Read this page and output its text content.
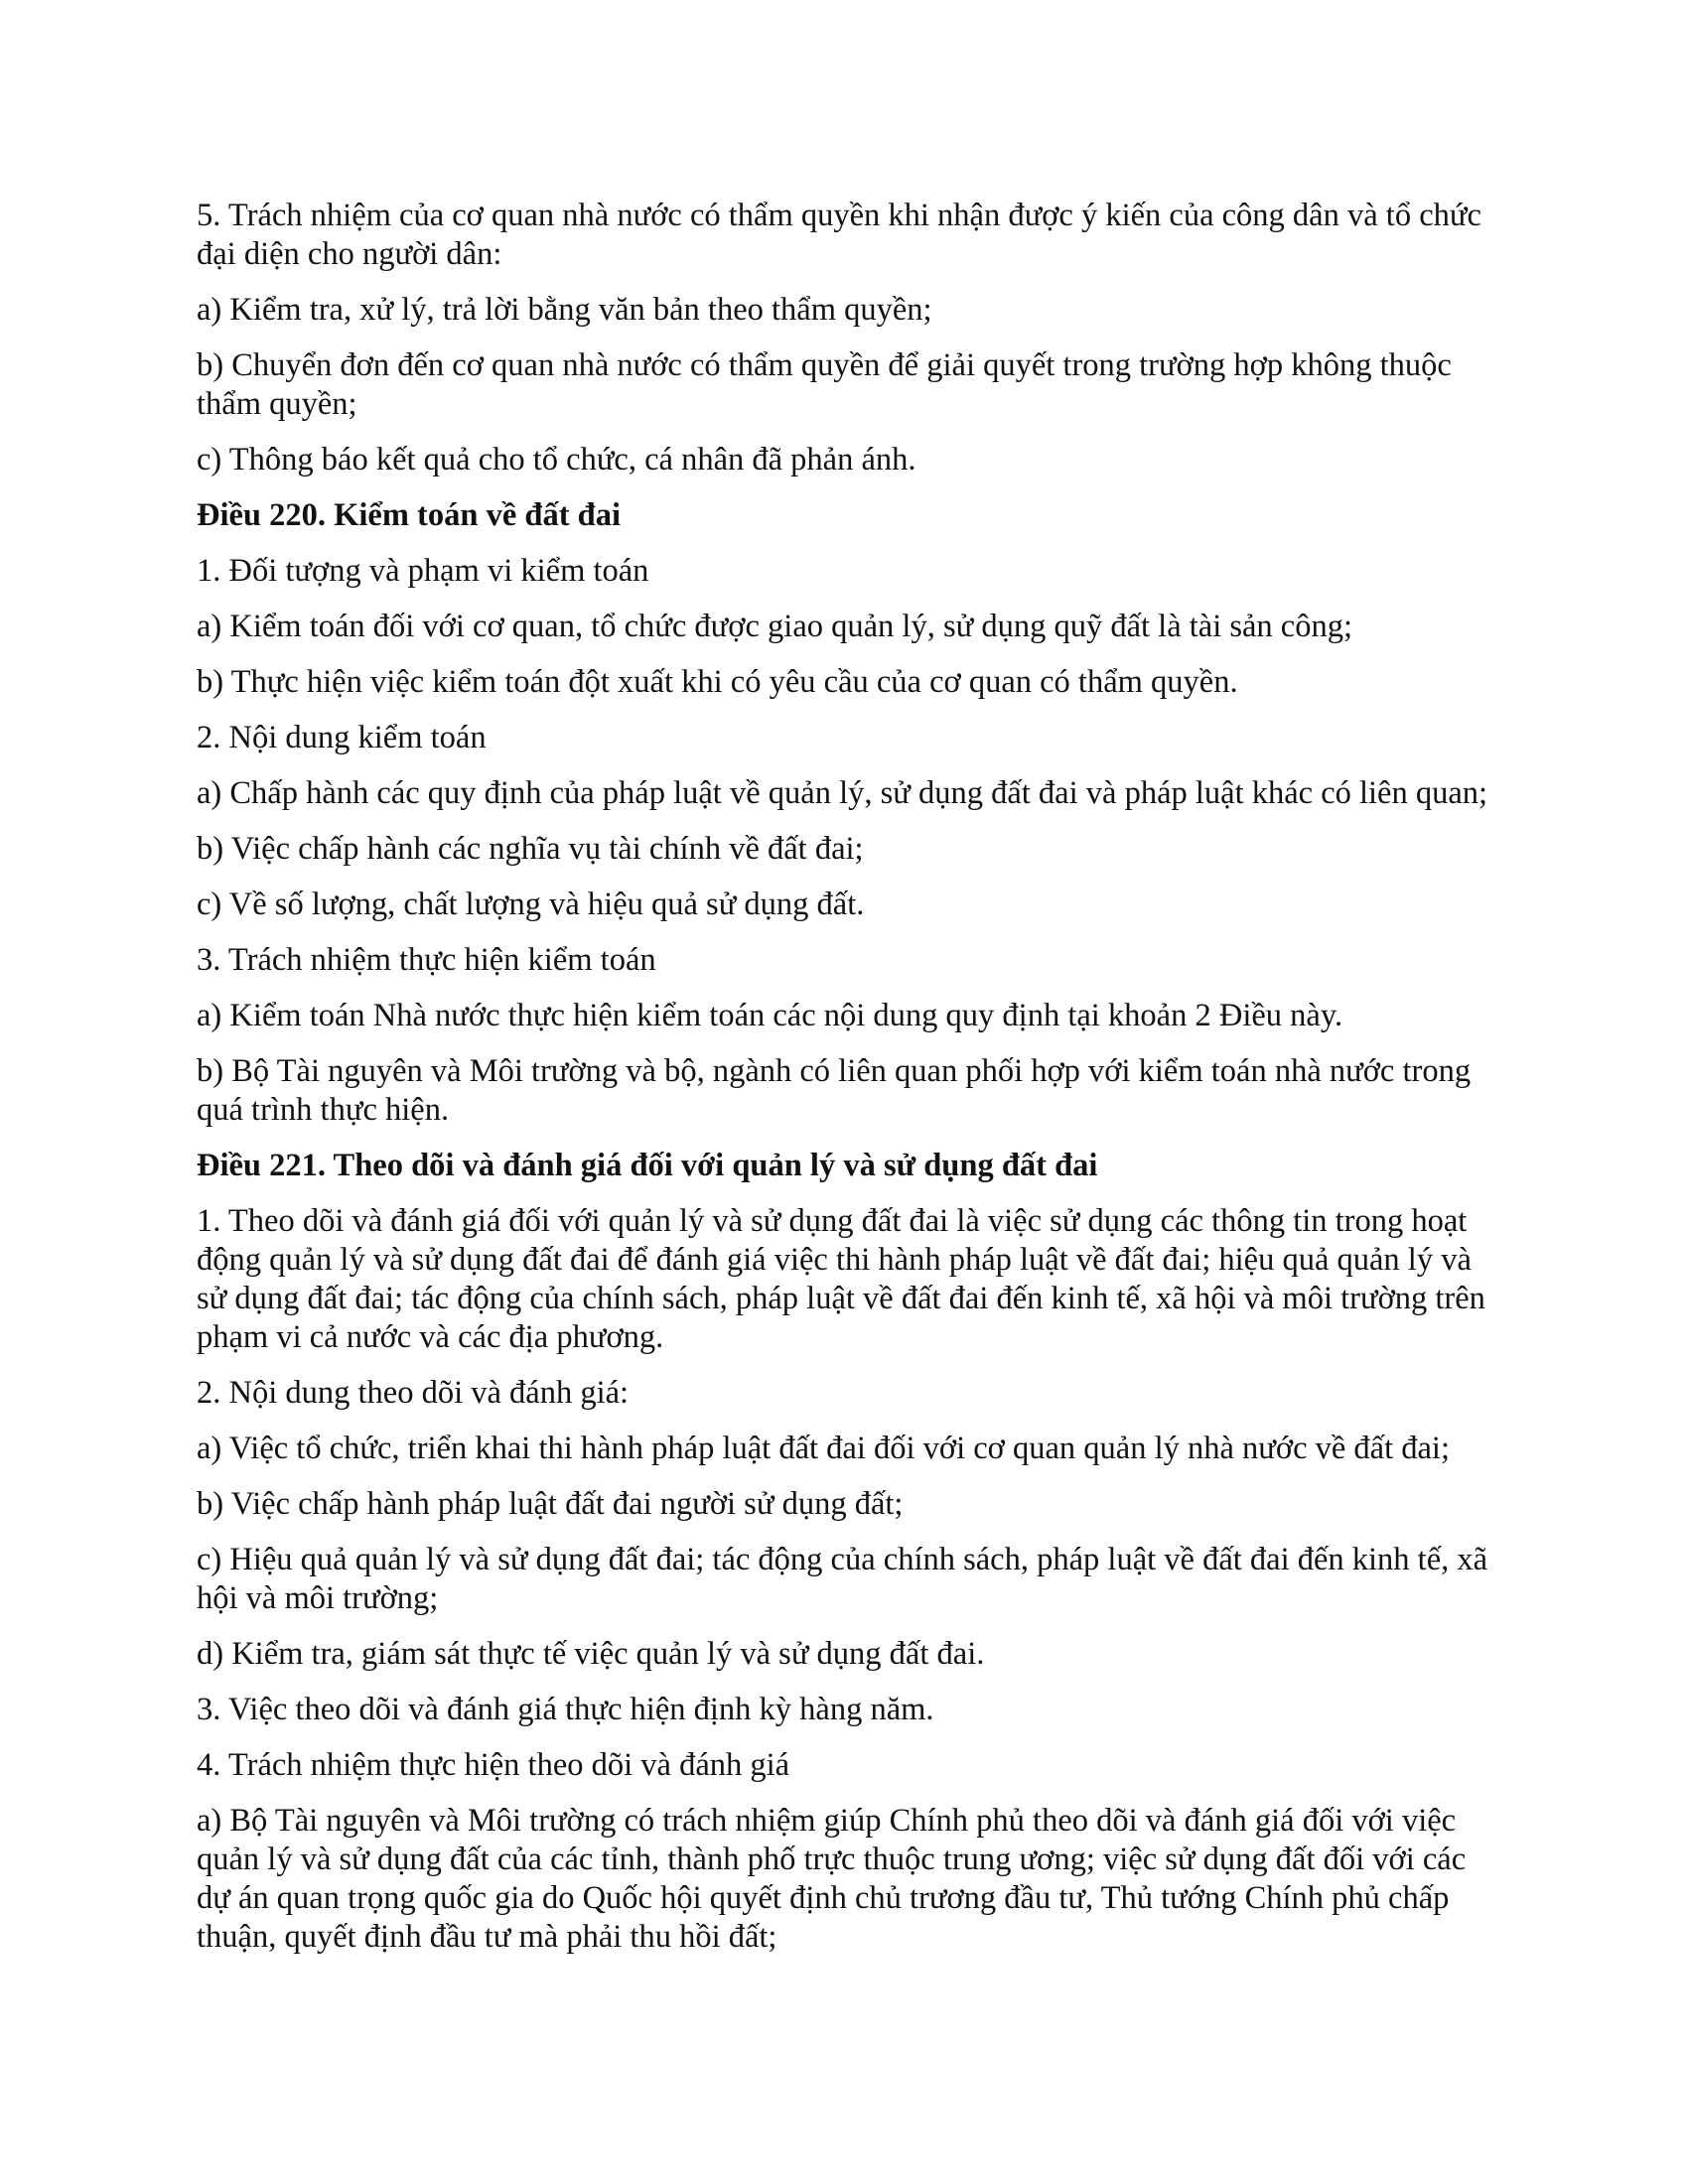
5. Trách nhiệm của cơ quan nhà nước có thẩm quyền khi nhận được ý kiến của công dân và tổ chức đại diện cho người dân:

a) Kiểm tra, xử lý, trả lời bằng văn bản theo thẩm quyền;

b) Chuyển đơn đến cơ quan nhà nước có thẩm quyền để giải quyết trong trường hợp không thuộc thẩm quyền;

c) Thông báo kết quả cho tổ chức, cá nhân đã phản ánh.

Điều 220. Kiểm toán về đất đai

1. Đối tượng và phạm vi kiểm toán

a) Kiểm toán đối với cơ quan, tổ chức được giao quản lý, sử dụng quỹ đất là tài sản công;

b) Thực hiện việc kiểm toán đột xuất khi có yêu cầu của cơ quan có thẩm quyền.

2. Nội dung kiểm toán

a) Chấp hành các quy định của pháp luật về quản lý, sử dụng đất đai và pháp luật khác có liên quan;

b) Việc chấp hành các nghĩa vụ tài chính về đất đai;

c) Về số lượng, chất lượng và hiệu quả sử dụng đất.

3. Trách nhiệm thực hiện kiểm toán

a) Kiểm toán Nhà nước thực hiện kiểm toán các nội dung quy định tại khoản 2 Điều này.

b) Bộ Tài nguyên và Môi trường và bộ, ngành có liên quan phối hợp với kiểm toán nhà nước trong quá trình thực hiện.

Điều 221. Theo dõi và đánh giá đối với quản lý và sử dụng đất đai

1. Theo dõi và đánh giá đối với quản lý và sử dụng đất đai là việc sử dụng các thông tin trong hoạt động quản lý và sử dụng đất đai để đánh giá việc thi hành pháp luật về đất đai; hiệu quả quản lý và sử dụng đất đai; tác động của chính sách, pháp luật về đất đai đến kinh tế, xã hội và môi trường trên phạm vi cả nước và các địa phương.

2. Nội dung theo dõi và đánh giá:

a) Việc tổ chức, triển khai thi hành pháp luật đất đai đối với cơ quan quản lý nhà nước về đất đai;

b) Việc chấp hành pháp luật đất đai người sử dụng đất;

c) Hiệu quả quản lý và sử dụng đất đai; tác động của chính sách, pháp luật về đất đai đến kinh tế, xã hội và môi trường;

d) Kiểm tra, giám sát thực tế việc quản lý và sử dụng đất đai.

3. Việc theo dõi và đánh giá thực hiện định kỳ hàng năm.

4. Trách nhiệm thực hiện theo dõi và đánh giá

a) Bộ Tài nguyên và Môi trường có trách nhiệm giúp Chính phủ theo dõi và đánh giá đối với việc quản lý và sử dụng đất của các tỉnh, thành phố trực thuộc trung ương; việc sử dụng đất đối với các dự án quan trọng quốc gia do Quốc hội quyết định chủ trương đầu tư, Thủ tướng Chính phủ chấp thuận, quyết định đầu tư mà phải thu hồi đất;
